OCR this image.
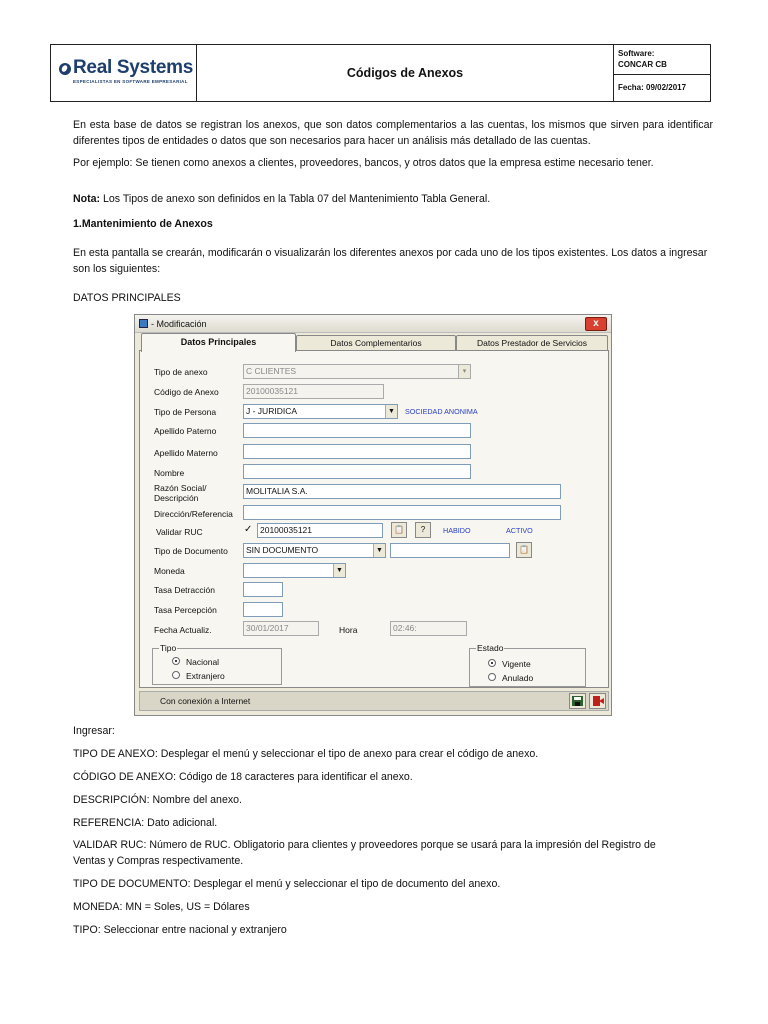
Real Systems
ESPECIALISTAS EN SOFTWARE EMPRESARIAL
Códigos de Anexos
Software:
CONCAR CB
Fecha: 09/02/2017
En esta base de datos se registran los anexos, que son datos complementarios a las cuentas, los mismos que sirven para identificar diferentes tipos de entidades o datos que son necesarios para hacer un análisis más detallado de las cuentas.
Por ejemplo: Se tienen como anexos a clientes, proveedores, bancos, y otros datos que la empresa estime necesario tener.
Nota: Los Tipos de anexo son definidos en la Tabla 07 del Mantenimiento Tabla General.
1.Mantenimiento de Anexos
En esta pantalla se crearán, modificarán o visualizarán los diferentes anexos por cada uno de los tipos existentes. Los datos a ingresar son los siguientes:
DATOS PRINCIPALES
- Modificación	x
Datos Principales	Datos Complementarios	Datos Prestador de Servicios
Tipo de anexo	C CLIENTES	▾
Código de Anexo	20100035121
Tipo de Persona	J - JURIDICA	▼ SOCIEDAD ANONIMA
Apellido Paterno
Apellido Materno
Nombre
Razón Social/
Descripción
MOLITALIA S.A.
Dirección/Referencia
Validar RUC	✓ 20100035121	📋	?	HABIDO	ACTIVO
Tipo de Documento	SIN DOCUMENTO	▼	📋
Moneda	▼
Tasa Detracción
Tasa Percepción
Fecha Actualiz.	30/01/2017	Hora	02:46:
Tipo
Nacional
Extranjero
Estado
Vigente
Anulado
Con conexión a Internet
Ingresar:
TIPO DE ANEXO: Desplegar el menú y seleccionar el tipo de anexo para crear el código de anexo.
CÓDIGO DE ANEXO: Código de 18 caracteres para identificar el anexo.
DESCRIPCIÓN: Nombre del anexo.
REFERENCIA: Dato adicional.
VALIDAR RUC: Número de RUC. Obligatorio para clientes y proveedores porque se usará para la impresión del Registro de Ventas y Compras respectivamente.
TIPO DE DOCUMENTO: Desplegar el menú y seleccionar el tipo de documento del anexo.
MONEDA: MN = Soles, US = Dólares
TIPO: Seleccionar entre nacional y extranjero
